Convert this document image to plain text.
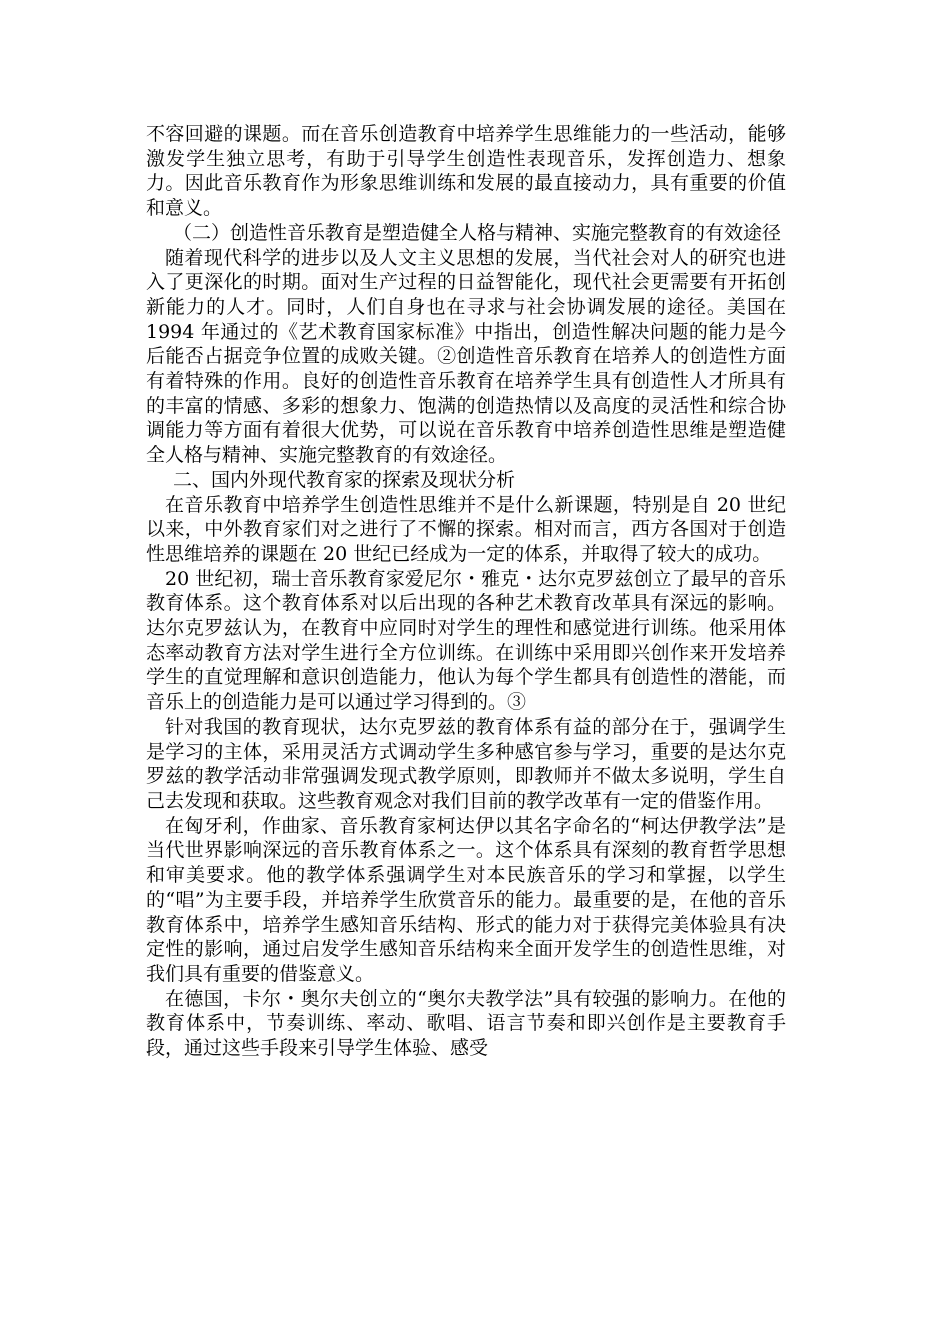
不容回避的课题。而在音乐创造教育中培养学生思维能力的一些活动，能够激发学生独立思考，有助于引导学生创造性表现音乐，发挥创造力、想象力。因此音乐教育作为形象思维训练和发展的最直接动力，具有重要的价值和意义。

（二）创造性音乐教育是塑造健全人格与精神、实施完整教育的有效途径

随着现代科学的进步以及人文主义思想的发展，当代社会对人的研究也进入了更深化的时期。面对生产过程的日益智能化，现代社会更需要有开拓创新能力的人才。同时，人们自身也在寻求与社会协调发展的途径。美国在 1994 年通过的《艺术教育国家标准》中指出，创造性解决问题的能力是今后能否占据竞争位置的成败关键。②创造性音乐教育在培养人的创造性方面有着特殊的作用。良好的创造性音乐教育在培养学生具有创造性人才所具有的丰富的情感、多彩的想象力、饱满的创造热情以及高度的灵活性和综合协调能力等方面有着很大优势，可以说在音乐教育中培养创造性思维是塑造健全人格与精神、实施完整教育的有效途径。

二、国内外现代教育家的探索及现状分析

在音乐教育中培养学生创造性思维并不是什么新课题，特别是自 20 世纪以来，中外教育家们对之进行了不懈的探索。相对而言，西方各国对于创造性思维培养的课题在 20 世纪已经成为一定的体系，并取得了较大的成功。

20 世纪初，瑞士音乐教育家爱尼尔・雅克・达尔克罗兹创立了最早的音乐教育体系。这个教育体系对以后出现的各种艺术教育改革具有深远的影响。达尔克罗兹认为，在教育中应同时对学生的理性和感觉进行训练。他采用体态率动教育方法对学生进行全方位训练。在训练中采用即兴创作来开发培养学生的直觉理解和意识创造能力，他认为每个学生都具有创造性的潜能，而音乐上的创造能力是可以通过学习得到的。③

针对我国的教育现状，达尔克罗兹的教育体系有益的部分在于，强调学生是学习的主体，采用灵活方式调动学生多种感官参与学习，重要的是达尔克罗兹的教学活动非常强调发现式教学原则，即教师并不做太多说明，学生自己去发现和获取。这些教育观念对我们目前的教学改革有一定的借鉴作用。

在匈牙利，作曲家、音乐教育家柯达伊以其名字命名的“柯达伊教学法”是当代世界影响深远的音乐教育体系之一。这个体系具有深刻的教育哲学思想和审美要求。他的教学体系强调学生对本民族音乐的学习和掌握，以学生的“唱”为主要手段，并培养学生欣赏音乐的能力。最重要的是，在他的音乐教育体系中，培养学生感知音乐结构、形式的能力对于获得完美体验具有决定性的影响，通过启发学生感知音乐结构来全面开发学生的创造性思维，对我们具有重要的借鉴意义。

在德国，卡尔・奥尔夫创立的“奥尔夫教学法”具有较强的影响力。在他的教育体系中，节奏训练、率动、歌唱、语言节奏和即兴创作是主要教育手段，通过这些手段来引导学生体验、感受
